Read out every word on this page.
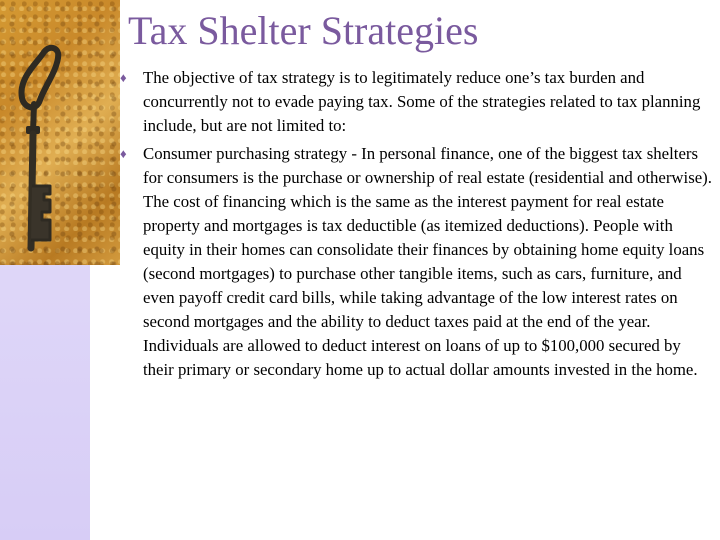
Tax Shelter Strategies
♦ The objective of tax strategy is to legitimately reduce one’s tax burden and concurrently not to evade paying tax. Some of the strategies related to tax planning include, but are not limited to:
♦ Consumer purchasing strategy - In personal finance, one of the biggest tax shelters for consumers is the purchase or ownership of real estate (residential and otherwise). The cost of financing which is the same as the interest payment for real estate property and mortgages is tax deductible (as itemized deductions). People with equity in their homes can consolidate their finances by obtaining home equity loans (second mortgages) to purchase other tangible items, such as cars, furniture, and even payoff credit card bills, while taking advantage of the low interest rates on second mortgages and the ability to deduct taxes paid at the end of the year. Individuals are allowed to deduct interest on loans of up to $100,000 secured by their primary or secondary home up to actual dollar amounts invested in the home.
